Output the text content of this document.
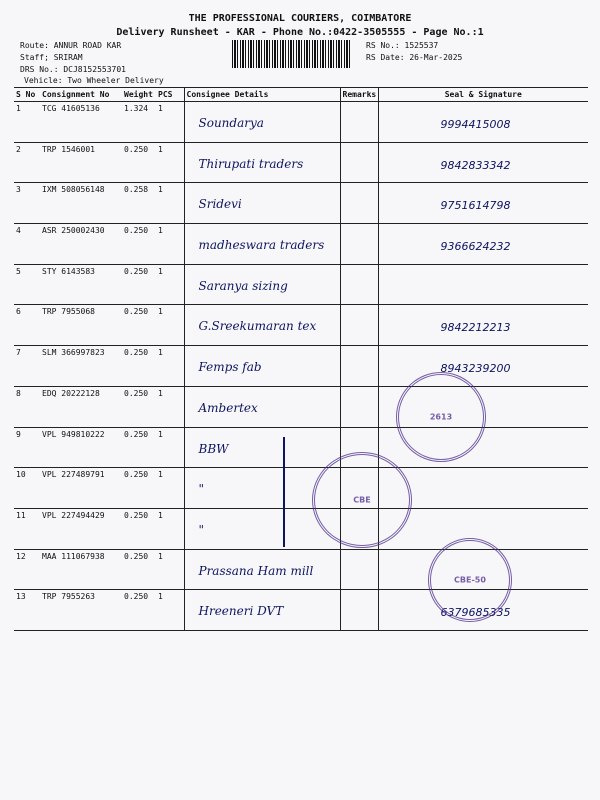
THE PROFESSIONAL COURIERS, COIMBATORE
Delivery Runsheet - KAR - Phone No.:0422-3505555 - Page No.:1
Route: ANNUR ROAD KAR
Staff; SRIRAM
DRS No.: DCJ8152553701
Vehicle: Two Wheeler Delivery
RS No.: 1525537
RS Date: 26-Mar-2025
S No	Consignment No	Weight	PCS	Consignee Details	Remarks	Seal & Signature
1	TCG 41605136	1.324	1	Soundarya		9994415008

2	TRP 1546001	0.250	1	Thirupati traders		9842833342

3	IXM 508056148	0.258	1	Sridevi		9751614798

4	ASR 250002430	0.250	1	madheswara traders		9366624232

5	STY 6143583	0.250	1	Saranya sizing		

6	TRP 7955068	0.250	1	G.Sreekumaran tex		9842212213

7	SLM 366997823	0.250	1	Femps fab		8943239200

8	EDQ 20222128	0.250	1	Ambertex		

9	VPL 949810222	0.250	1	BBW		

10	VPL 227489791	0.250	1	"		

11	VPL 227494429	0.250	1	"		

12	MAA 111067938	0.250	1	Prassana Ham mill		

13	TRP 7955263	0.250	1	Hreeneri DVT		6379685335
2613
CBE
CBE-50
